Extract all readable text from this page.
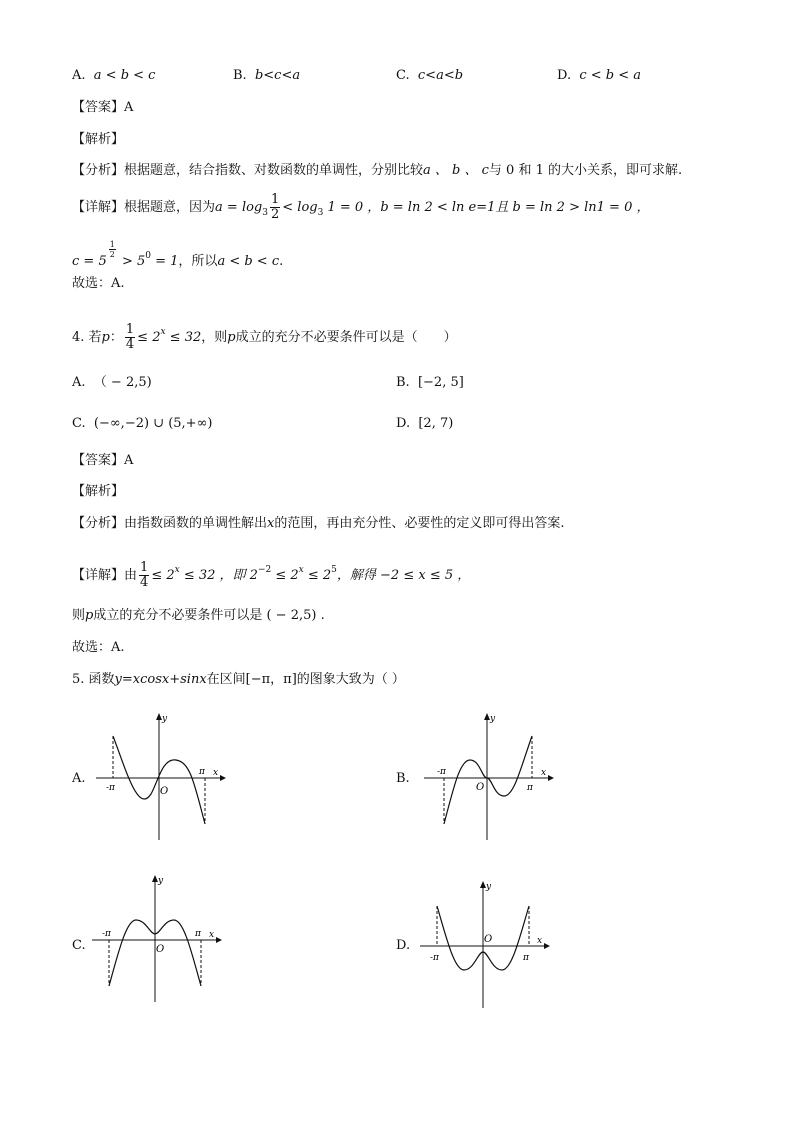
A. a < b < c	B. b<c<a	C. c<a<b	D. c < b < a
【答案】A
【解析】
【分析】根据题意，结合指数、对数函数的单调性，分别比较a 、 b 、 c与 0 和 1 的大小关系，即可求解.
【详解】根据题意，因为$a = \log_3 \frac{1}{2} < \log_3 1 = 0$ ，b = ln 2 < ln e=1且 b = ln 2 > ln1 = 0 ，
c = 5
$\frac{1}{2}$
> $5^0 = 1$，所以a < b < c.
故选：A.
4. 若p： $\frac{1}{4} \le 2^x \le 32$，则p成立的充分不必要条件可以是（　　）
A. （ − 2,5)	B. [−2, 5]
C. (−∞,−2) ∪ (5,+∞)	D. [2, 7)
【答案】A
【解析】
【分析】由指数函数的单调性解出x的范围，再由充分性、必要性的定义即可得出答案.
【详解】由 $\frac{1}{4} \le 2^x \le 32$ ，即 $2^{-2} \le 2^x \le 2^5$，解得 −2 ≤ x ≤ 5 ，
则p成立的充分不必要条件可以是 ( − 2,5) .
故选：A.
5. 函数y=xcosx+sinx在区间[−π，π]的图象大致为（ ）
A.	B.
C.	D.
y
x
O
-π
π
y
x
O
-π
π
y
x
O
-π	π
y
x
O
-π	π
